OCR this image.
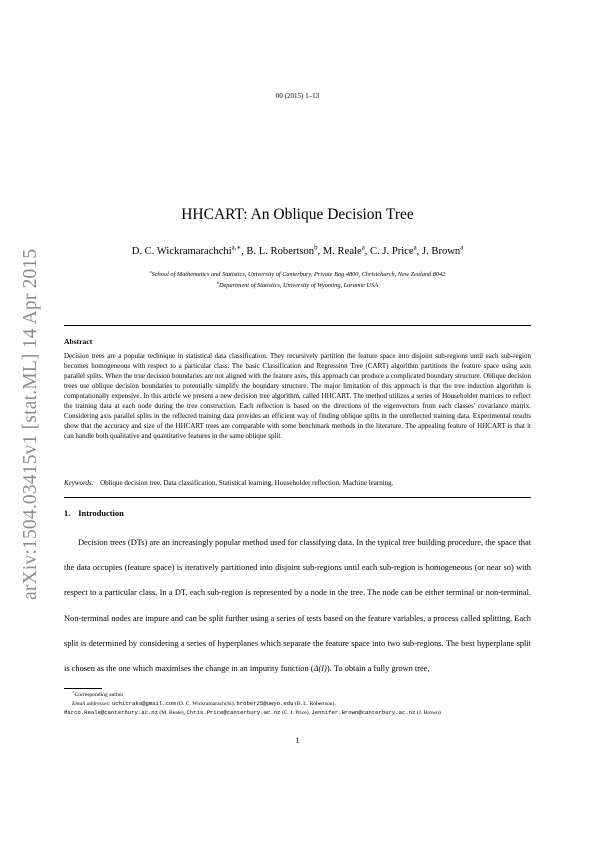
arXiv:1504.03415v1 [stat.ML] 14 Apr 2015
00 (2015) 1–13
HHCART: An Oblique Decision Tree
D. C. Wickramarachchi$^{a,∗}$, B. L. Robertson$^b$, M. Reale$^a$, C. J. Price$^a$, J. Brown$^a$
$^a$School of Mathematics and Statistics, University of Canterbury, Private Bag 4800, Christchurch, New Zealand 8042
$^b$Department of Statistics, University of Wyoming, Laramie USA
Abstract
Decision trees are a popular technique in statistical data classification. They recursively partition the feature space into disjoint sub-regions until each sub-region becomes homogeneous with respect to a particular class. The basic Classification and Regression Tree (CART) algorithm partitions the feature space using axis parallel splits. When the true decision boundaries are not aligned with the feature axes, this approach can produce a complicated boundary structure. Oblique decision trees use oblique decision boundaries to potentially simplify the boundary structure. The major limitation of this approach is that the tree induction algorithm is computationally expensive. In this article we present a new decision tree algorithm, called HHCART. The method utilizes a series of Householder matrices to reflect the training data at each node during the tree construction. Each reflection is based on the directions of the eigenvectors from each classes' covariance matrix. Considering axis parallel splits in the reflected training data provides an efficient way of finding oblique splits in the unreflected training data. Experimental results show that the accuracy and size of the HHCART trees are comparable with some benchmark methods in the literature. The appealing feature of HHCART is that it can handle both qualitative and quantitative features in the same oblique split.
Keywords: Oblique decision tree, Data classification, Statistical learning, Householder reflection, Machine learning.
1. Introduction
Decision trees (DTs) are an increasingly popular method used for classifying data. In the typical tree building procedure, the space that the data occupies (feature space) is iteratively partitioned into disjoint sub-regions until each sub-region is homogeneous (or near so) with respect to a particular class. In a DT, each sub-region is represented by a node in the tree. The node can be either terminal or non-terminal. Non-terminal nodes are impure and can be split further using a series of tests based on the feature variables, a process called splitting. Each split is determined by considering a series of hyperplanes which separate the feature space into two sub-regions. The best hyperplane split is chosen as the one which maximises the change in an impurity function (Δ(I)). To obtain a fully grown tree,
∗Corresponding author
Email addresses: uchitraka@gmail.com (D. C. Wickramarachchi), brober25@uwyo.edu (B. L. Robertson),
Marco.Reale@canterbury.ac.nz (M. Reale), Chris.Price@canterbury.ac.nz (C. J. Price), Jennifer.Brown@canterbury.ac.nz (J. Brown)
1
